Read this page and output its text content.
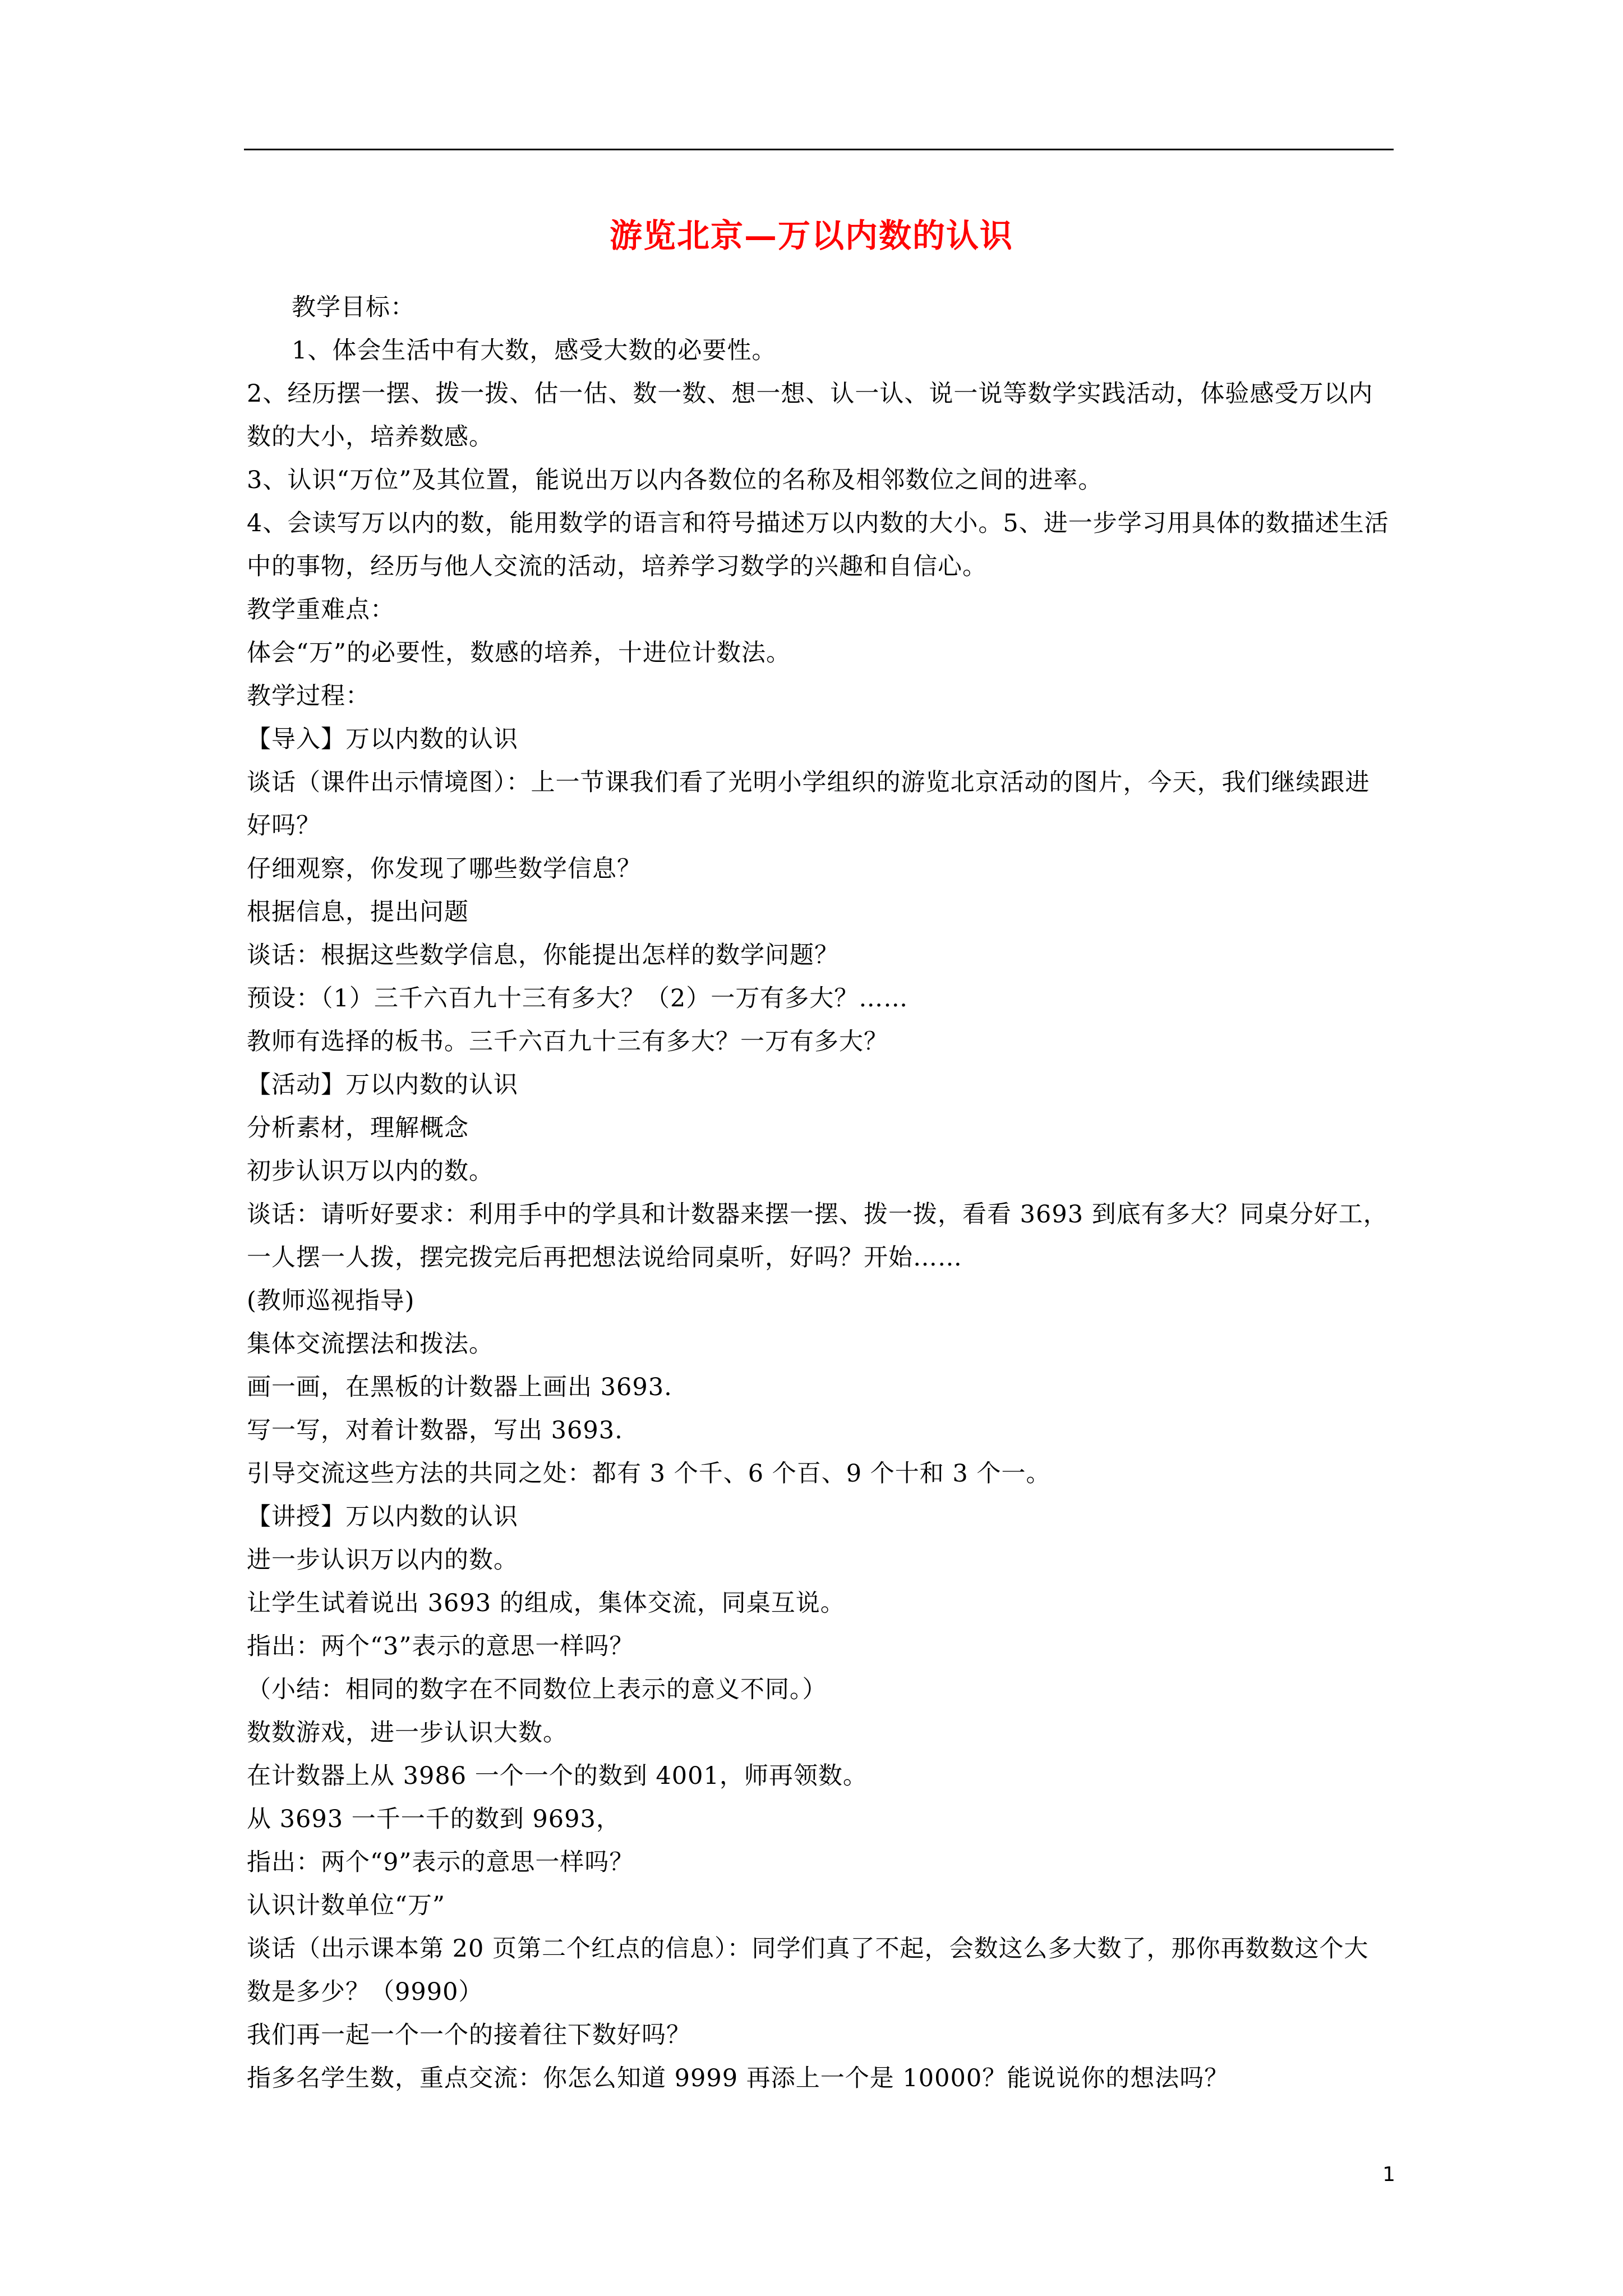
游览北京—万以内数的认识

教学目标：

1、体会生活中有大数，感受大数的必要性。

2、经历摆一摆、拨一拨、估一估、数一数、想一想、认一认、说一说等数学实践活动，体验感受万以内数的大小，培养数感。

3、认识“万位”及其位置，能说出万以内各数位的名称及相邻数位之间的进率。

4、会读写万以内的数，能用数学的语言和符号描述万以内数的大小。5、进一步学习用具体的数描述生活中的事物，经历与他人交流的活动，培养学习数学的兴趣和自信心。

教学重难点：

体会“万”的必要性，数感的培养，十进位计数法。

教学过程：

【导入】万以内数的认识

谈话（课件出示情境图）：上一节课我们看了光明小学组织的游览北京活动的图片，今天，我们继续跟进好吗？

仔细观察，你发现了哪些数学信息？

根据信息，提出问题

谈话：根据这些数学信息，你能提出怎样的数学问题？

预设：（1）三千六百九十三有多大？（2）一万有多大？……

教师有选择的板书。三千六百九十三有多大？一万有多大？

【活动】万以内数的认识

分析素材，理解概念

初步认识万以内的数。

谈话：请听好要求：利用手中的学具和计数器来摆一摆、拨一拨，看看 3693 到底有多大？同桌分好工，一人摆一人拨，摆完拨完后再把想法说给同桌听，好吗？开始……

(教师巡视指导)

集体交流摆法和拨法。

画一画，在黑板的计数器上画出 3693.

写一写，对着计数器，写出 3693.

引导交流这些方法的共同之处：都有 3 个千、6 个百、9 个十和 3 个一。

【讲授】万以内数的认识

进一步认识万以内的数。

让学生试着说出 3693 的组成，集体交流，同桌互说。

指出：两个“3”表示的意思一样吗？

（小结：相同的数字在不同数位上表示的意义不同。）

数数游戏，进一步认识大数。

在计数器上从 3986 一个一个的数到 4001，师再领数。

从 3693 一千一千的数到 9693，

指出：两个“9”表示的意思一样吗？

认识计数单位“万”

谈话（出示课本第 20 页第二个红点的信息）：同学们真了不起，会数这么多大数了，那你再数数这个大数是多少？（9990）

我们再一起一个一个的接着往下数好吗？

指多名学生数，重点交流：你怎么知道 9999 再添上一个是 10000？能说说你的想法吗？

1
